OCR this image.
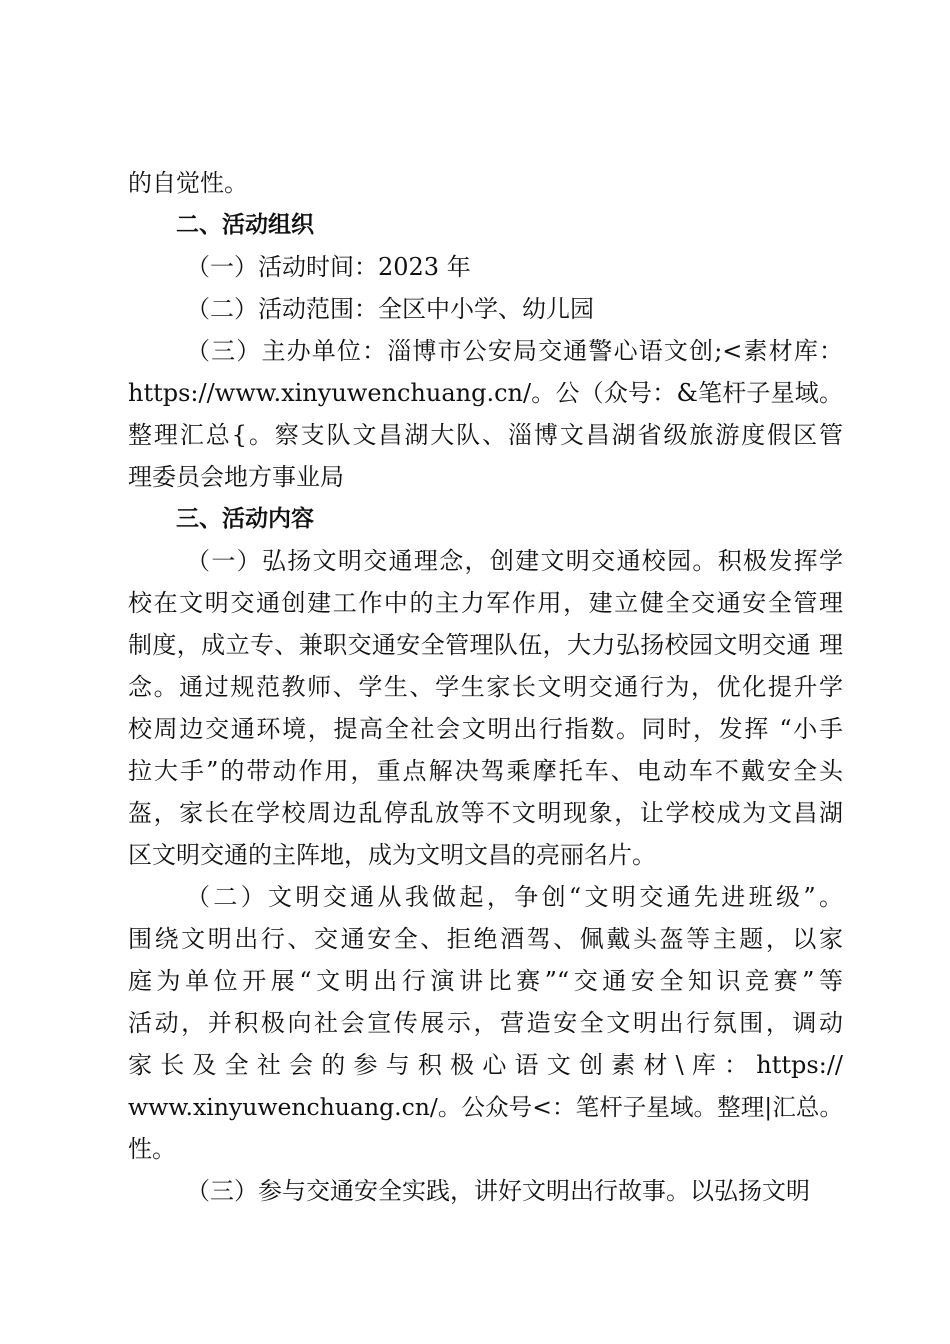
的自觉性。
二、活动组织
（一）活动时间：2023 年
（二）活动范围：全区中小学、幼儿园
（三）主办单位：淄博市公安局交通警心语文创;<素材库：
https://www.xinyuwenchuang.cn/。公（众号：&笔杆子星域。
整理汇总{。察支队文昌湖大队、淄博文昌湖省级旅游度假区管
理委员会地方事业局
三、活动内容
（一）弘扬文明交通理念，创建文明交通校园。积极发挥学
校在文明交通创建工作中的主力军作用，建立健全交通安全管理
制度，成立专、兼职交通安全管理队伍，大力弘扬校园文明交通 理
念。通过规范教师、学生、学生家长文明交通行为，优化提升学
校周边交通环境，提高全社会文明出行指数。同时，发挥 “小手
拉大手”的带动作用，重点解决驾乘摩托车、电动车不戴安全头
盔，家长在学校周边乱停乱放等不文明现象，让学校成为文昌湖
区文明交通的主阵地，成为文明文昌的亮丽名片。
（二）文明交通从我做起，争创“文明交通先进班级”。
围绕文明出行、交通安全、拒绝酒驾、佩戴头盔等主题，以家
庭为单位开展“文明出行演讲比赛”“交通安全知识竞赛”等
活动，并积极向社会宣传展示，营造安全文明出行氛围，调动
家长及全社会的参与积极心语文创素材\库：https://
www.xinyuwenchuang.cn/。公众号<：笔杆子星域。整理|汇总。
性。
（三）参与交通安全实践，讲好文明出行故事。以弘扬文明
